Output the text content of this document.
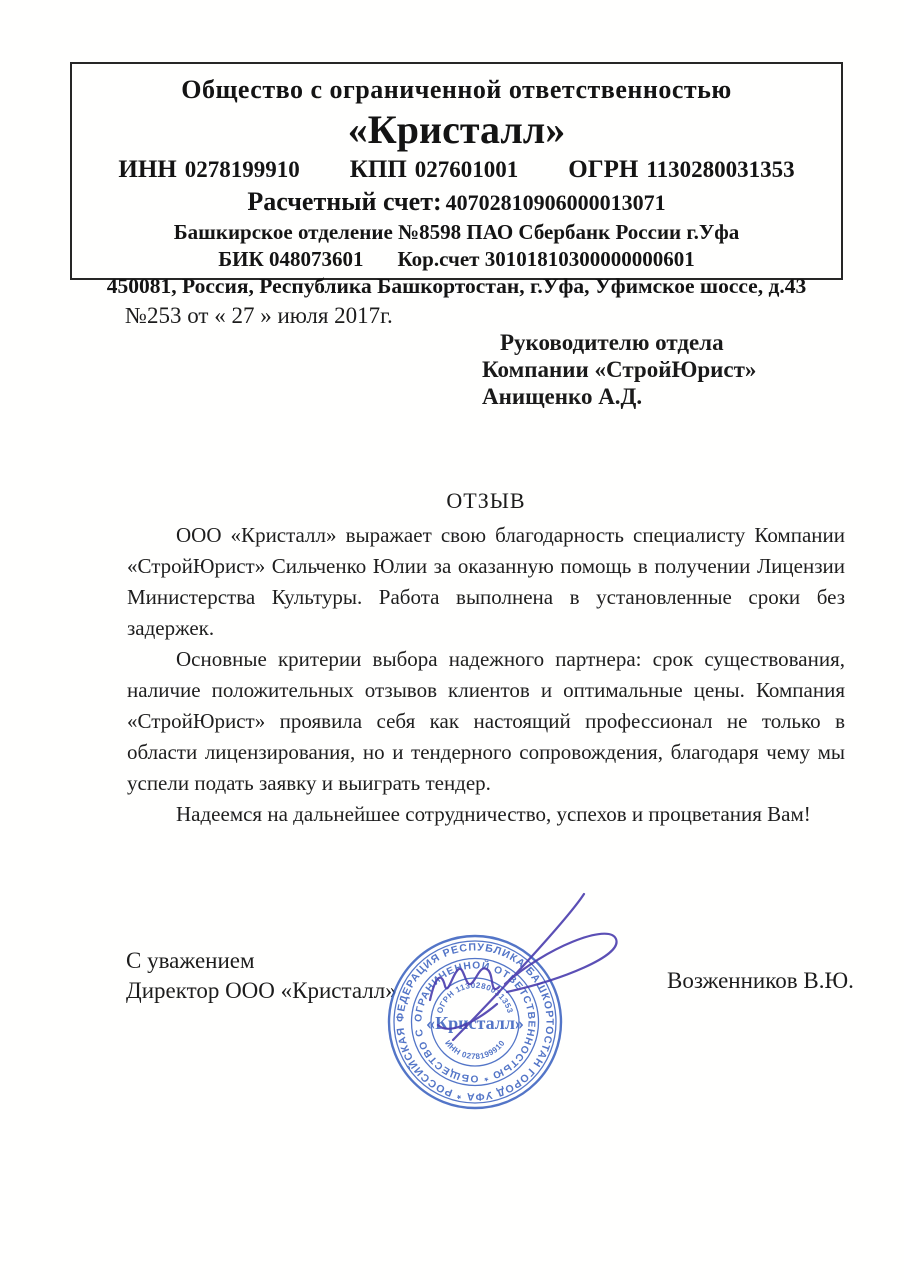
Общество с ограниченной ответственностью
«Кристалл»
ИНН 0278199910 КПП 027601001 ОГРН 1130280031353
Расчетный счет: 40702810906000013071
Башкирское отделение №8598 ПАО Сбербанк России г.Уфа
БИК 048073601 Кор.счет 30101810300000000601
450081, Россия, Республика Башкортостан, г.Уфа, Уфимское шоссе, д.43
№253 от « 27 » июля 2017г.
Руководителю отдела
Компании «СтройЮрист» Анищенко А.Д.
ОТЗЫВ

ООО «Кристалл» выражает свою благодарность специалисту Компании «СтройЮрист» Сильченко Юлии за оказанную помощь в получении Лицензии Министерства Культуры. Работа выполнена в установленные сроки без задержек.

Основные критерии выбора надежного партнера: срок существования, наличие положительных отзывов клиентов и оптимальные цены. Компания «СтройЮрист» проявила себя как настоящий профессионал не только в области лицензирования, но и тендерного сопровождения, благодаря чему мы успели подать заявку и выиграть тендер.

Надеемся на дальнейшее сотрудничество, успехов и процветания Вам!

С уважением
Директор ООО «Кристалл»	Возженников В.Ю.
ФЕДЕРАЦИЯ РЕСПУБЛИКА БАШКОРТОСТАН ГОРОД УФА * РОССИЙСКАЯ
ОГРАНИЧЕННОЙ ОТВЕТСТВЕННОСТЬЮ * ОБЩЕСТВО С
ОГРН 1130280031353
ИНН 0278199910
«Кристалл»
